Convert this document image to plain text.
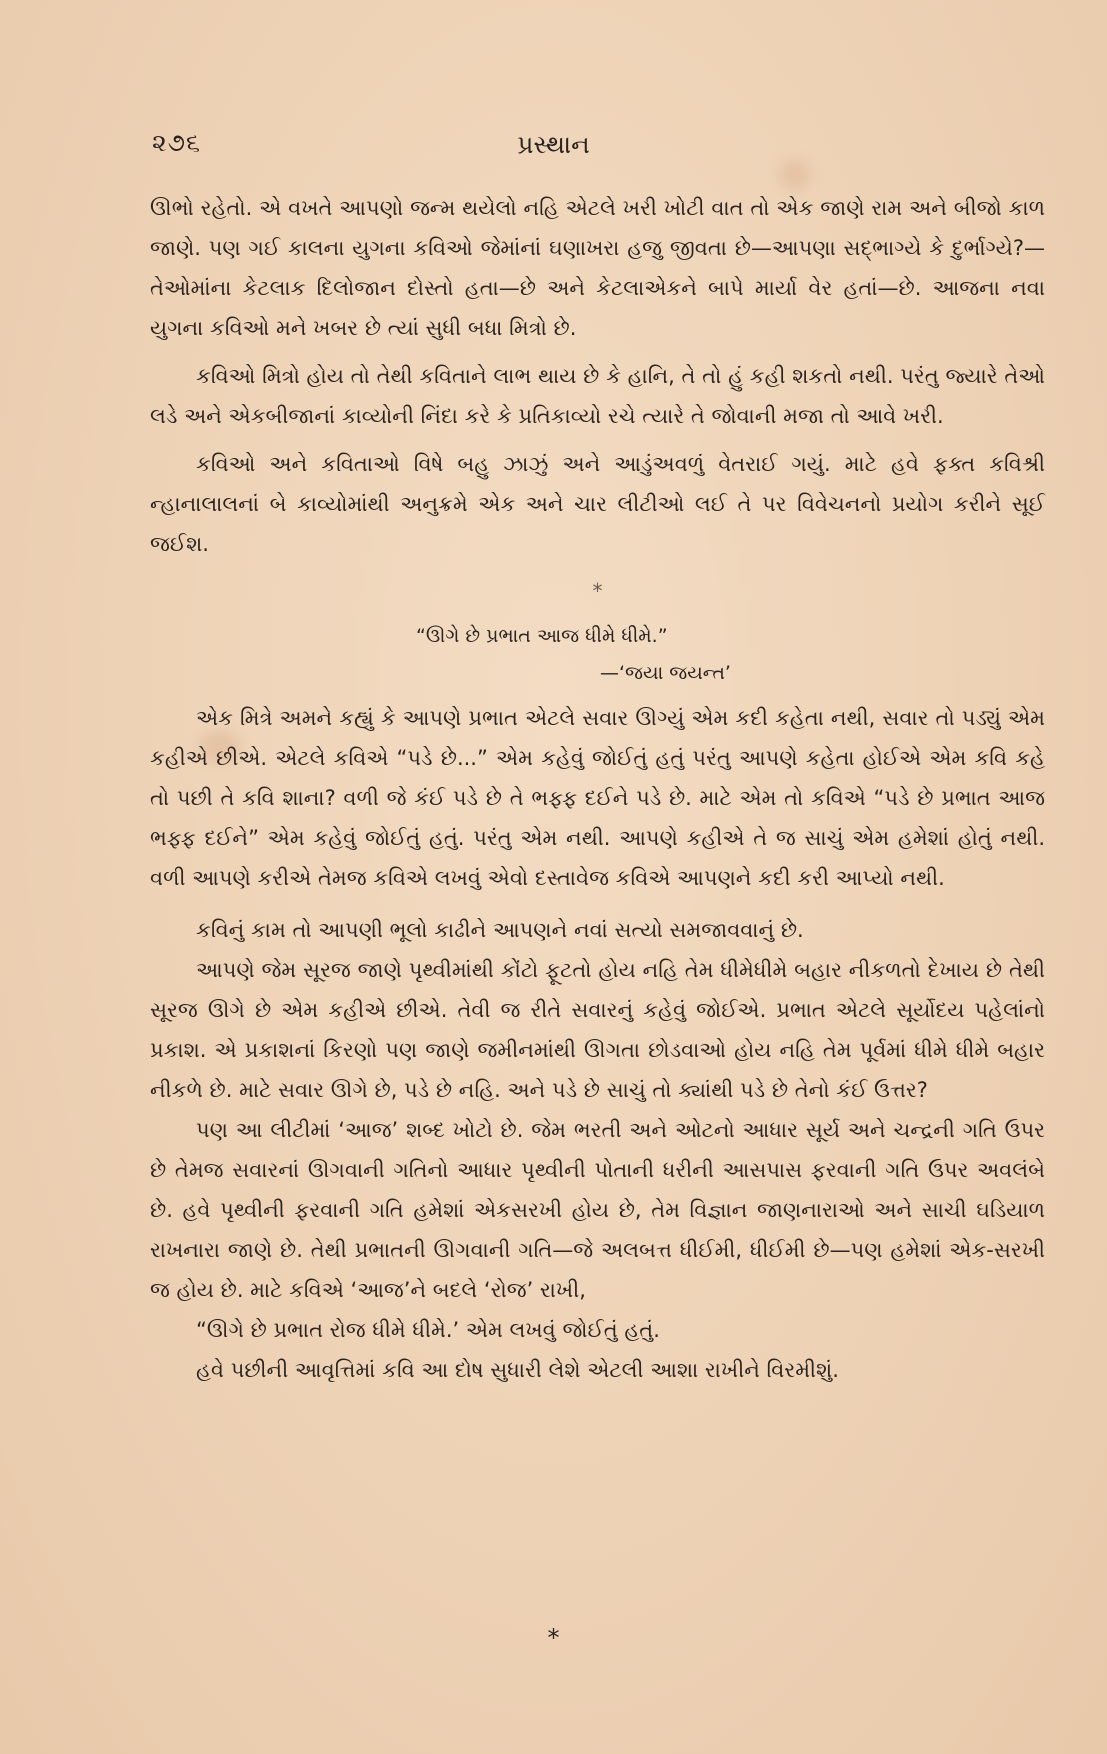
૨૭૬	પ્રસ્થાન

ઊભો રહેતો. એ વખતે આપણો જન્મ થયેલો નહિ એટલે ખરી ખોટી વાત તો એક જાણે રામ અને બીજો કાળ જાણે. પણ ગઈ કાલના યુગના કવિઓ જેમાંનાં ઘણાખરા હજુ જીવતા છે—આપણા સદ્ભાગ્યે કે દુર્ભાગ્યે?—તેઓમાંના કેટલાક દિલોજાન દોસ્તો હતા—છે અને કેટલાએકને બાપે માર્યા વેર હતાં—છે. આજના નવા યુગના કવિઓ મને ખબર છે ત્યાં સુધી બધા મિત્રો છે.

કવિઓ મિત્રો હોય તો તેથી કવિતાને લાભ થાય છે કે હાનિ, તે તો હું કહી શકતો નથી. પરંતુ જ્યારે તેઓ લડે અને એકબીજાનાં કાવ્યોની નિંદા કરે કે પ્રતિકાવ્યો રચે ત્યારે તે જોવાની મજા તો આવે ખરી.

કવિઓ અને કવિતાઓ વિષે બહુ ઝાઝું અને આડુંઅવળું વેતરાઈ ગયું. માટે હવે ફક્ત કવિશ્રી ન્હાનાલાલનાં બે કાવ્યોમાંથી અનુક્રમે એક અને ચાર લીટીઓ લઈ તે પર વિવેચનનો પ્રયોગ કરીને સૂઈ જઈશ.

*
“ઊગે છે પ્રભાત આજ ધીમે ધીમે.”
—‘જયા જયન્ત’

એક મિત્રે અમને કહ્યું કે આપણે પ્રભાત એટલે સવાર ઊગ્યું એમ કદી કહેતા નથી, સવાર તો પડ્યું એમ કહીએ છીએ. એટલે કવિએ “પડે છે...” એમ કહેવું જોઈતું હતું પરંતુ આપણે કહેતા હોઈએ એમ કવિ કહે તો પછી તે કવિ શાના? વળી જે કંઈ પડે છે તે ભફ્ફ દઈને પડે છે. માટે એમ તો કવિએ “પડે છે પ્રભાત આજ ભફ્ફ દઈને” એમ કહેવું જોઈતું હતું. પરંતુ એમ નથી. આપણે કહીએ તે જ સાચું એમ હમેશાં હોતું નથી. વળી આપણે કરીએ તેમજ કવિએ લખવું એવો દસ્તાવેજ કવિએ આપણને કદી કરી આપ્યો નથી.

કવિનું કામ તો આપણી ભૂલો કાઢીને આપણને નવાં સત્યો સમજાવવાનું છે.

આપણે જેમ સૂરજ જાણે પૃથ્વીમાંથી કોંટો ફૂટતો હોય નહિ તેમ ધીમેધીમે બહાર નીકળતો દેખાય છે તેથી સૂરજ ઊગે છે એમ કહીએ છીએ. તેવી જ રીતે સવારનું કહેવું જોઈએ. પ્રભાત એટલે સૂર્યોદય પહેલાંનો પ્રકાશ. એ પ્રકાશનાં કિરણો પણ જાણે જમીનમાંથી ઊગતા છોડવાઓ હોય નહિ તેમ પૂર્વમાં ધીમે ધીમે બહાર નીકળે છે. માટે સવાર ઊગે છે, પડે છે નહિ. અને પડે છે સાચું તો ક્યાંથી પડે છે તેનો કંઈ ઉત્તર?

પણ આ લીટીમાં ‘આજ’ શબ્દ ખોટો છે. જેમ ભરતી અને ઓટનો આધાર સૂર્ય અને ચન્દ્રની ગતિ ઉપર છે તેમજ સવારનાં ઊગવાની ગતિનો આધાર પૃથ્વીની પોતાની ધરીની આસપાસ ફરવાની ગતિ ઉપર અવલંબે છે. હવે પૃથ્વીની ફરવાની ગતિ હમેશાં એકસરખી હોય છે, તેમ વિજ્ઞાન જાણનારાઓ અને સાચી ઘડિયાળ રાખનારા જાણે છે. તેથી પ્રભાતની ઊગવાની ગતિ—જે અલબત્ત ધીઈમી, ધીઈમી છે—પણ હમેશાં એક-સરખી જ હોય છે. માટે કવિએ ‘આજ’ને બદલે ‘રોજ’ રાખી,

“ઊગે છે પ્રભાત રોજ ધીમે ધીમે.’ એમ લખવું જોઈતું હતું.

હવે પછીની આવૃત્તિમાં કવિ આ દોષ સુધારી લેશે એટલી આશા રાખીને વિરમીશું.

*
